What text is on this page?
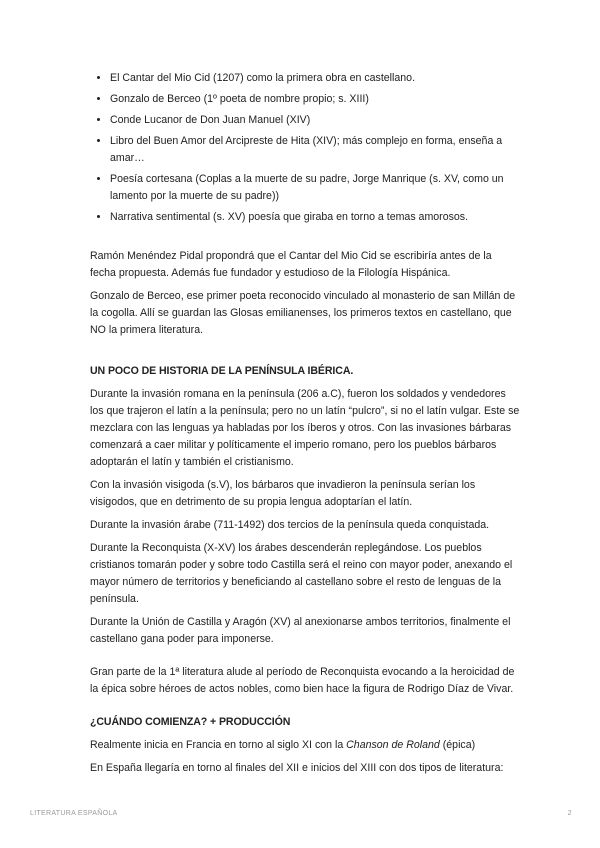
• El Cantar del Mio Cid (1207) como la primera obra en castellano.
• Gonzalo de Berceo (1º poeta de nombre propio; s. XIII)
• Conde Lucanor de Don Juan Manuel (XIV)
• Libro del Buen Amor del Arcipreste de Hita (XIV); más complejo en forma, enseña a amar…
• Poesía cortesana (Coplas a la muerte de su padre, Jorge Manrique (s. XV, como un lamento por la muerte de su padre))
• Narrativa sentimental (s. XV) poesía que giraba en torno a temas amorosos.

Ramón Menéndez Pidal propondrá que el Cantar del Mio Cid se escribiría antes de la fecha propuesta. Además fue fundador y estudioso de la Filología Hispánica.

Gonzalo de Berceo, ese primer poeta reconocido vinculado al monasterio de san Millán de la cogolla. Allí se guardan las Glosas emilianenses, los primeros textos en castellano, que NO la primera literatura.

UN POCO DE HISTORIA DE LA PENÍNSULA IBÉRICA.

Durante la invasión romana en la península (206 a.C), fueron los soldados y vendedores los que trajeron el latín a la península; pero no un latín “pulcro”, si no el latín vulgar. Este se mezclara con las lenguas ya habladas por los íberos y otros. Con las invasiones bárbaras comenzará a caer militar y políticamente el imperio romano, pero los pueblos bárbaros adoptarán el latín y también el cristianismo.

Con la invasión visigoda (s.V), los bárbaros que invadieron la península serían los visigodos, que en detrimento de su propia lengua adoptarían el latín.

Durante la invasión árabe (711-1492) dos tercios de la península queda conquistada.

Durante la Reconquista (X-XV) los árabes descenderán replegándose. Los pueblos cristianos tomarán poder y sobre todo Castilla será el reino con mayor poder, anexando el mayor número de territorios y beneficiando al castellano sobre el resto de lenguas de la península.

Durante la Unión de Castilla y Aragón (XV) al anexionarse ambos territorios, finalmente el castellano gana poder para imponerse.

Gran parte de la 1ª literatura alude al período de Reconquista evocando a la heroicidad de la épica sobre héroes de actos nobles, como bien hace la figura de Rodrigo Díaz de Vivar.

¿CUÁNDO COMIENZA? + PRODUCCIÓN

Realmente inicia en Francia en torno al siglo XI con la Chanson de Roland (épica)

En España llegaría en torno al finales del XII e inicios del XIII con dos tipos de literatura:

LITERATURA ESPAÑOLA	2
